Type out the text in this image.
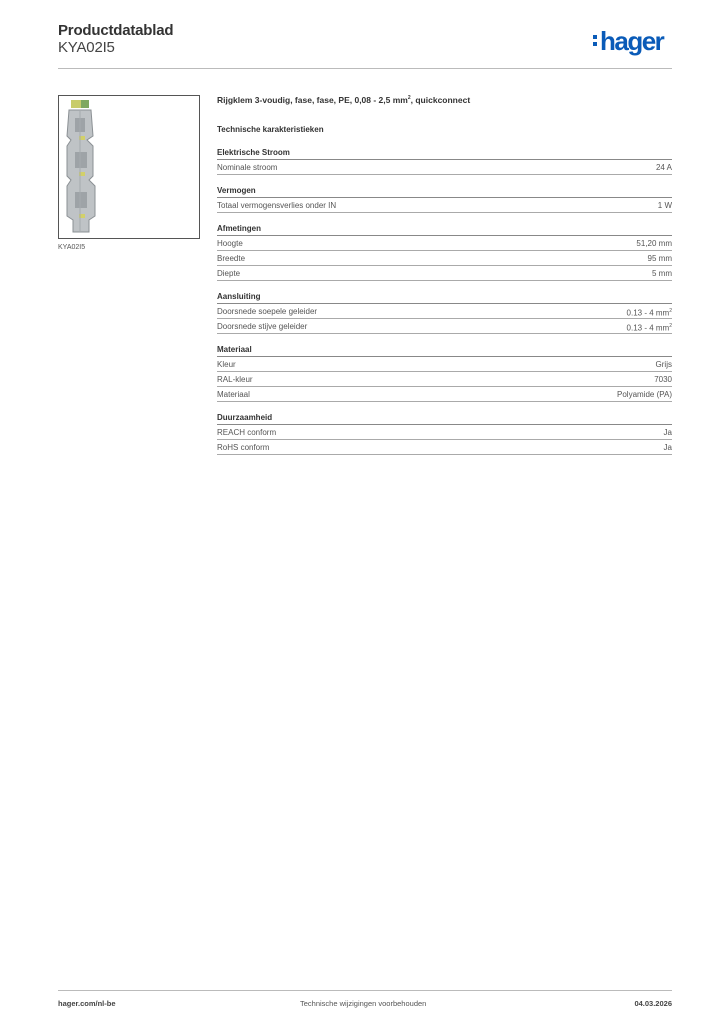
Productdatablad
KYA02I5	hager
KYA02I5
Rijgklem 3-voudig, fase, fase, PE, 0,08 - 2,5 $mm^2$, quickconnect
Technische karakteristieken
Elektrische Stroom
Nominale stroom	24 A
Vermogen
Totaal vermogensverlies onder IN	1 W
Afmetingen
Hoogte	51,20 mm
Breedte	95 mm
Diepte	5 mm
Aansluiting
Doorsnede soepele geleider	0.13 - 4 $mm^2$
Doorsnede stijve geleider	0.13 - 4 $mm^2$
Materiaal
Kleur	Grijs
RAL-kleur	7030
Materiaal	Polyamide (PA)
Duurzaamheid
REACH conform	Ja
RoHS conform	Ja
hager.com/nl-be	Technische wijzigingen voorbehouden	04.03.2026
